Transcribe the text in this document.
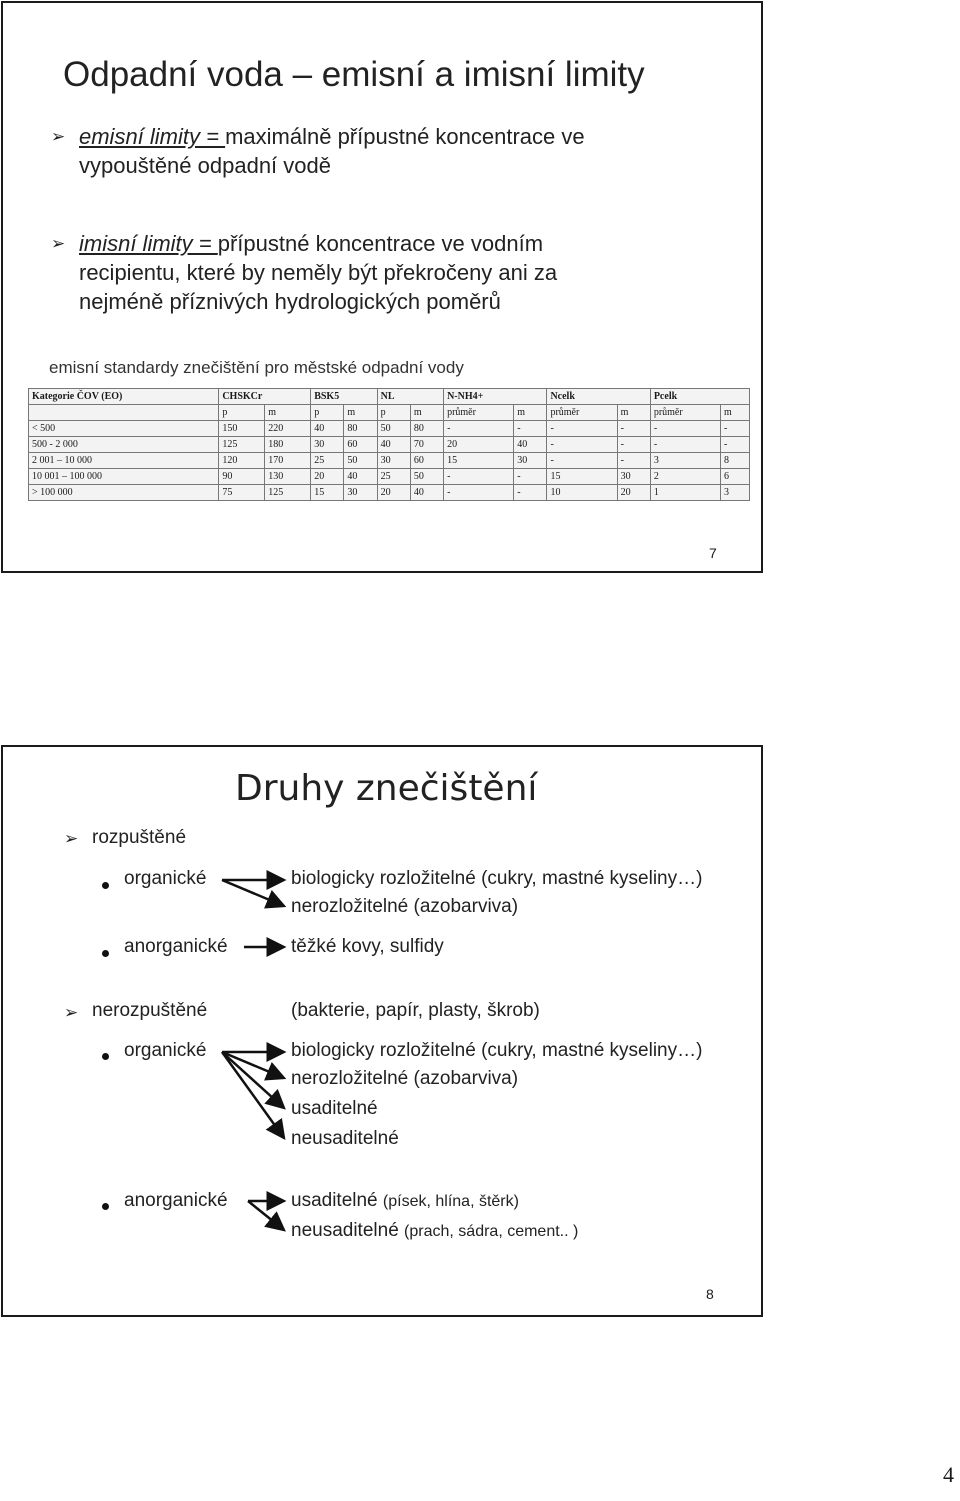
Odpadní voda – emisní a imisní limity
➢ emisní limity = maximálně přípustné koncentrace ve
vypouštěné odpadní vodě
➢ imisní limity = přípustné koncentrace ve vodním
recipientu, které by neměly být překročeny ani za
nejméně příznivých hydrologických poměrů
emisní standardy znečištění pro městské odpadní vody
Kategorie ČOV (EO)	CHSKCr		BSK5		NL		N-NH4+		Ncelk		Pcelk	
	p	m	p	m	p	m	průměr	m	průměr	m	průměr	m
< 500	150	220	40	80	50	80	-	-	-	-	-	-
500 - 2 000	125	180	30	60	40	70	20	40	-	-	-	-
2 001 – 10 000	120	170	25	50	30	60	15	30	-	-	3	8
10 001 – 100 000	90	130	20	40	25	50	-	-	15	30	2	6
> 100 000	75	125	15	30	20	40	-	-	10	20	1	3
7
Druhy znečištění
➢ rozpuštěné
organické	biologicky rozložitelné (cukry, mastné kyseliny…)
nerozložitelné (azobarviva)
anorganické	těžké kovy, sulfidy
➢ nerozpuštěné	(bakterie, papír, plasty, škrob)
organické	biologicky rozložitelné (cukry, mastné kyseliny…)
nerozložitelné (azobarviva)
usaditelné
neusaditelné
anorganické	usaditelné (písek, hlína, štěrk)
neusaditelné (prach, sádra, cement.. )
8
4
